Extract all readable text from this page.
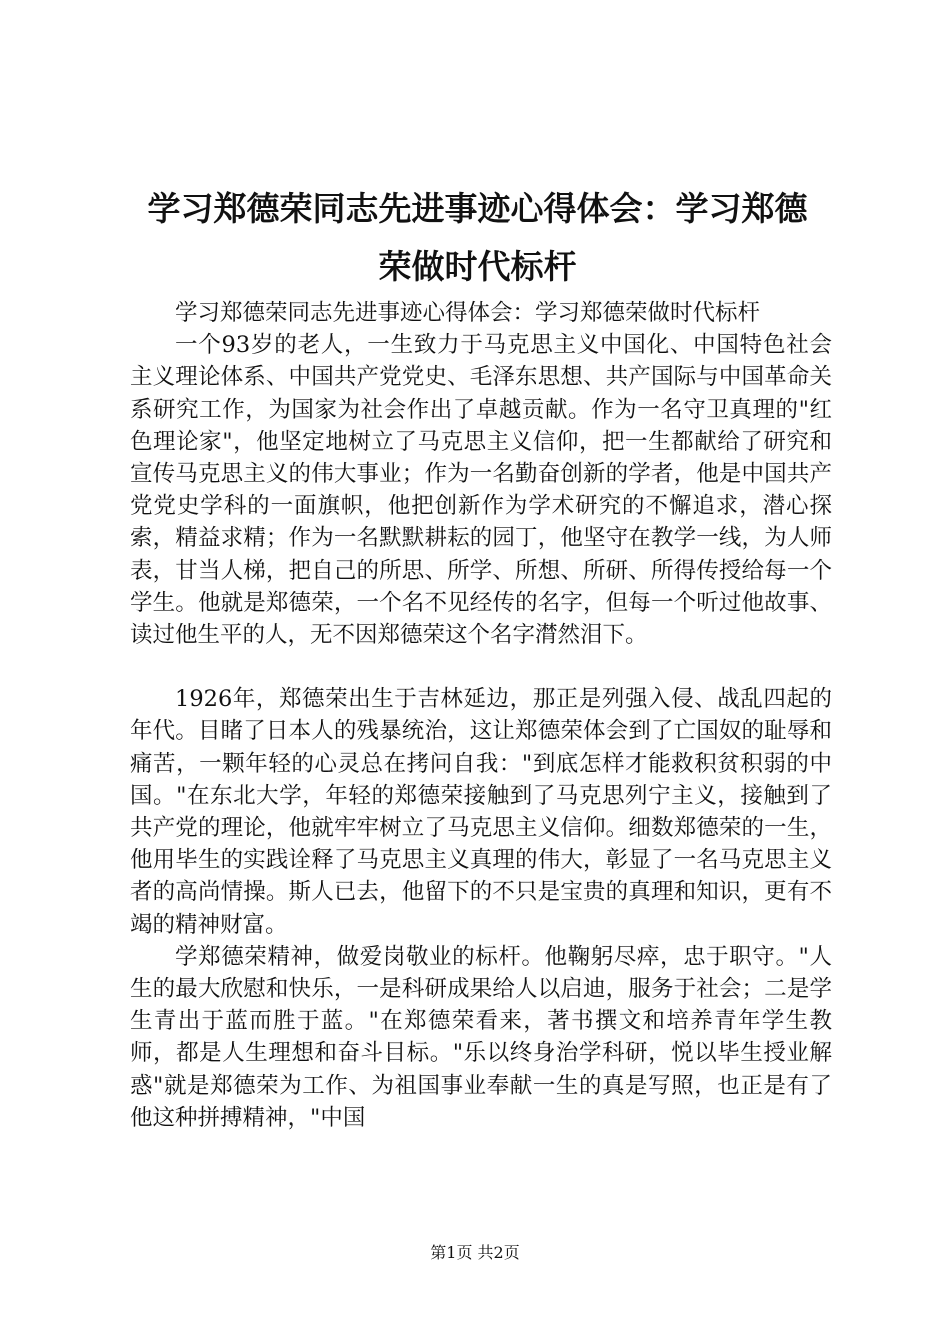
学习郑德荣同志先进事迹心得体会：学习郑德
荣做时代标杆

学习郑德荣同志先进事迹心得体会：学习郑德荣做时代标杆

一个93岁的老人，一生致力于马克思主义中国化、中国特色社会主义理论体系、中国共产党党史、毛泽东思想、共产国际与中国革命关系研究工作，为国家为社会作出了卓越贡献。作为一名守卫真理的"红色理论家"，他坚定地树立了马克思主义信仰，把一生都献给了研究和宣传马克思主义的伟大事业；作为一名勤奋创新的学者，他是中国共产党党史学科的一面旗帜，他把创新作为学术研究的不懈追求，潜心探索，精益求精；作为一名默默耕耘的园丁，他坚守在教学一线，为人师表，甘当人梯，把自己的所思、所学、所想、所研、所得传授给每一个学生。他就是郑德荣，一个名不见经传的名字，但每一个听过他故事、读过他生平的人，无不因郑德荣这个名字潸然泪下。

1926年，郑德荣出生于吉林延边，那正是列强入侵、战乱四起的年代。目睹了日本人的残暴统治，这让郑德荣体会到了亡国奴的耻辱和痛苦，一颗年轻的心灵总在拷问自我："到底怎样才能救积贫积弱的中国。"在东北大学，年轻的郑德荣接触到了马克思列宁主义，接触到了共产党的理论，他就牢牢树立了马克思主义信仰。细数郑德荣的一生，他用毕生的实践诠释了马克思主义真理的伟大，彰显了一名马克思主义者的高尚情操。斯人已去，他留下的不只是宝贵的真理和知识，更有不竭的精神财富。

学郑德荣精神，做爱岗敬业的标杆。他鞠躬尽瘁，忠于职守。"人生的最大欣慰和快乐，一是科研成果给人以启迪，服务于社会；二是学生青出于蓝而胜于蓝。"在郑德荣看来，著书撰文和培养青年学生教师，都是人生理想和奋斗目标。"乐以终身治学科研，悦以毕生授业解惑"就是郑德荣为工作、为祖国事业奉献一生的真是写照，也正是有了他这种拼搏精神，"中国

第1页 共2页
